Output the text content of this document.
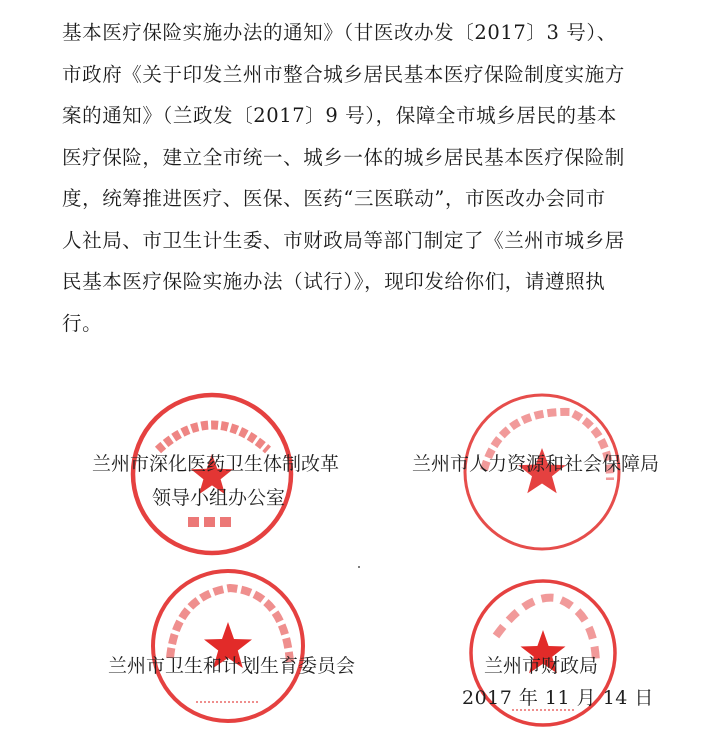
基本医疗保险实施办法的通知》（甘医改办发〔2017〕3 号）、
市政府《关于印发兰州市整合城乡居民基本医疗保险制度实施方
案的通知》（兰政发〔2017〕9 号），保障全市城乡居民的基本
医疗保险，建立全市统一、城乡一体的城乡居民基本医疗保险制
度，统筹推进医疗、医保、医药“三医联动”，市医改办会同市
人社局、市卫生计生委、市财政局等部门制定了《兰州市城乡居
民基本医疗保险实施办法（试行）》，现印发给你们，请遵照执
行。
兰州市深化医药卫生体制改革
领导小组办公室
兰州市人力资源和社会保障局
兰州市卫生和计划生育委员会	兰州市财政局
2017 年 11 月 14 日
